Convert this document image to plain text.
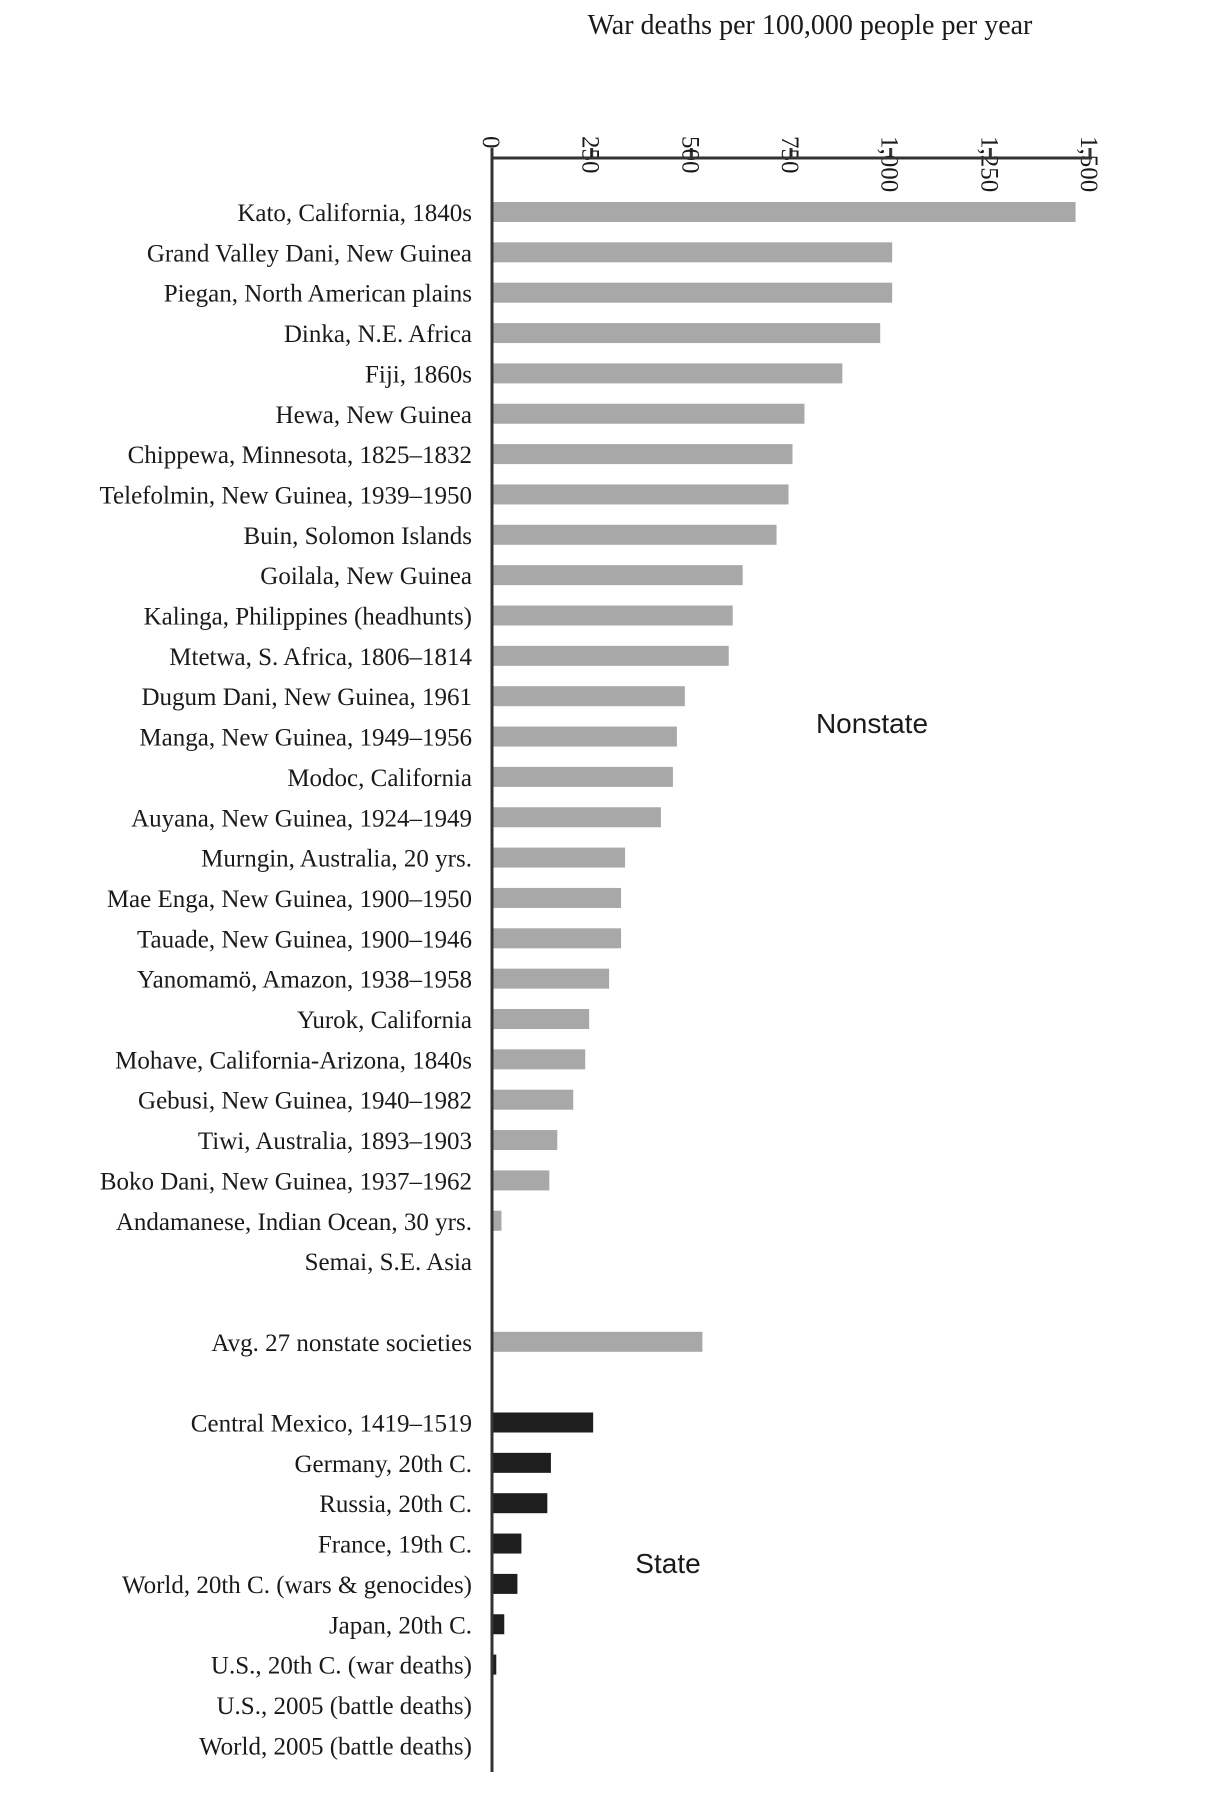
War deaths per 100,000 people per year
0	250	500	750	1,000	1,250	1,500
Kato, California, 1840s
Grand Valley Dani, New Guinea
Piegan, North American plains
Dinka, N.E. Africa
Fiji, 1860s
Hewa, New Guinea
Chippewa, Minnesota, 1825–1832
Telefolmin, New Guinea, 1939–1950
Buin, Solomon Islands
Goilala, New Guinea
Kalinga, Philippines (headhunts)
Mtetwa, S. Africa, 1806–1814
Dugum Dani, New Guinea, 1961
Manga, New Guinea, 1949–1956
Modoc, California
Auyana, New Guinea, 1924–1949
Murngin, Australia, 20 yrs.
Mae Enga, New Guinea, 1900–1950
Tauade, New Guinea, 1900–1946
Yanomamö, Amazon, 1938–1958
Yurok, California
Mohave, California-Arizona, 1840s
Gebusi, New Guinea, 1940–1982
Tiwi, Australia, 1893–1903
Boko Dani, New Guinea, 1937–1962
Andamanese, Indian Ocean, 30 yrs.
Semai, S.E. Asia
Avg. 27 nonstate societies
Central Mexico, 1419–1519
Germany, 20th C.
Russia, 20th C.
France, 19th C.
World, 20th C. (wars & genocides)
Japan, 20th C.
U.S., 20th C. (war deaths)
U.S., 2005 (battle deaths)
World, 2005 (battle deaths)
Nonstate
State
